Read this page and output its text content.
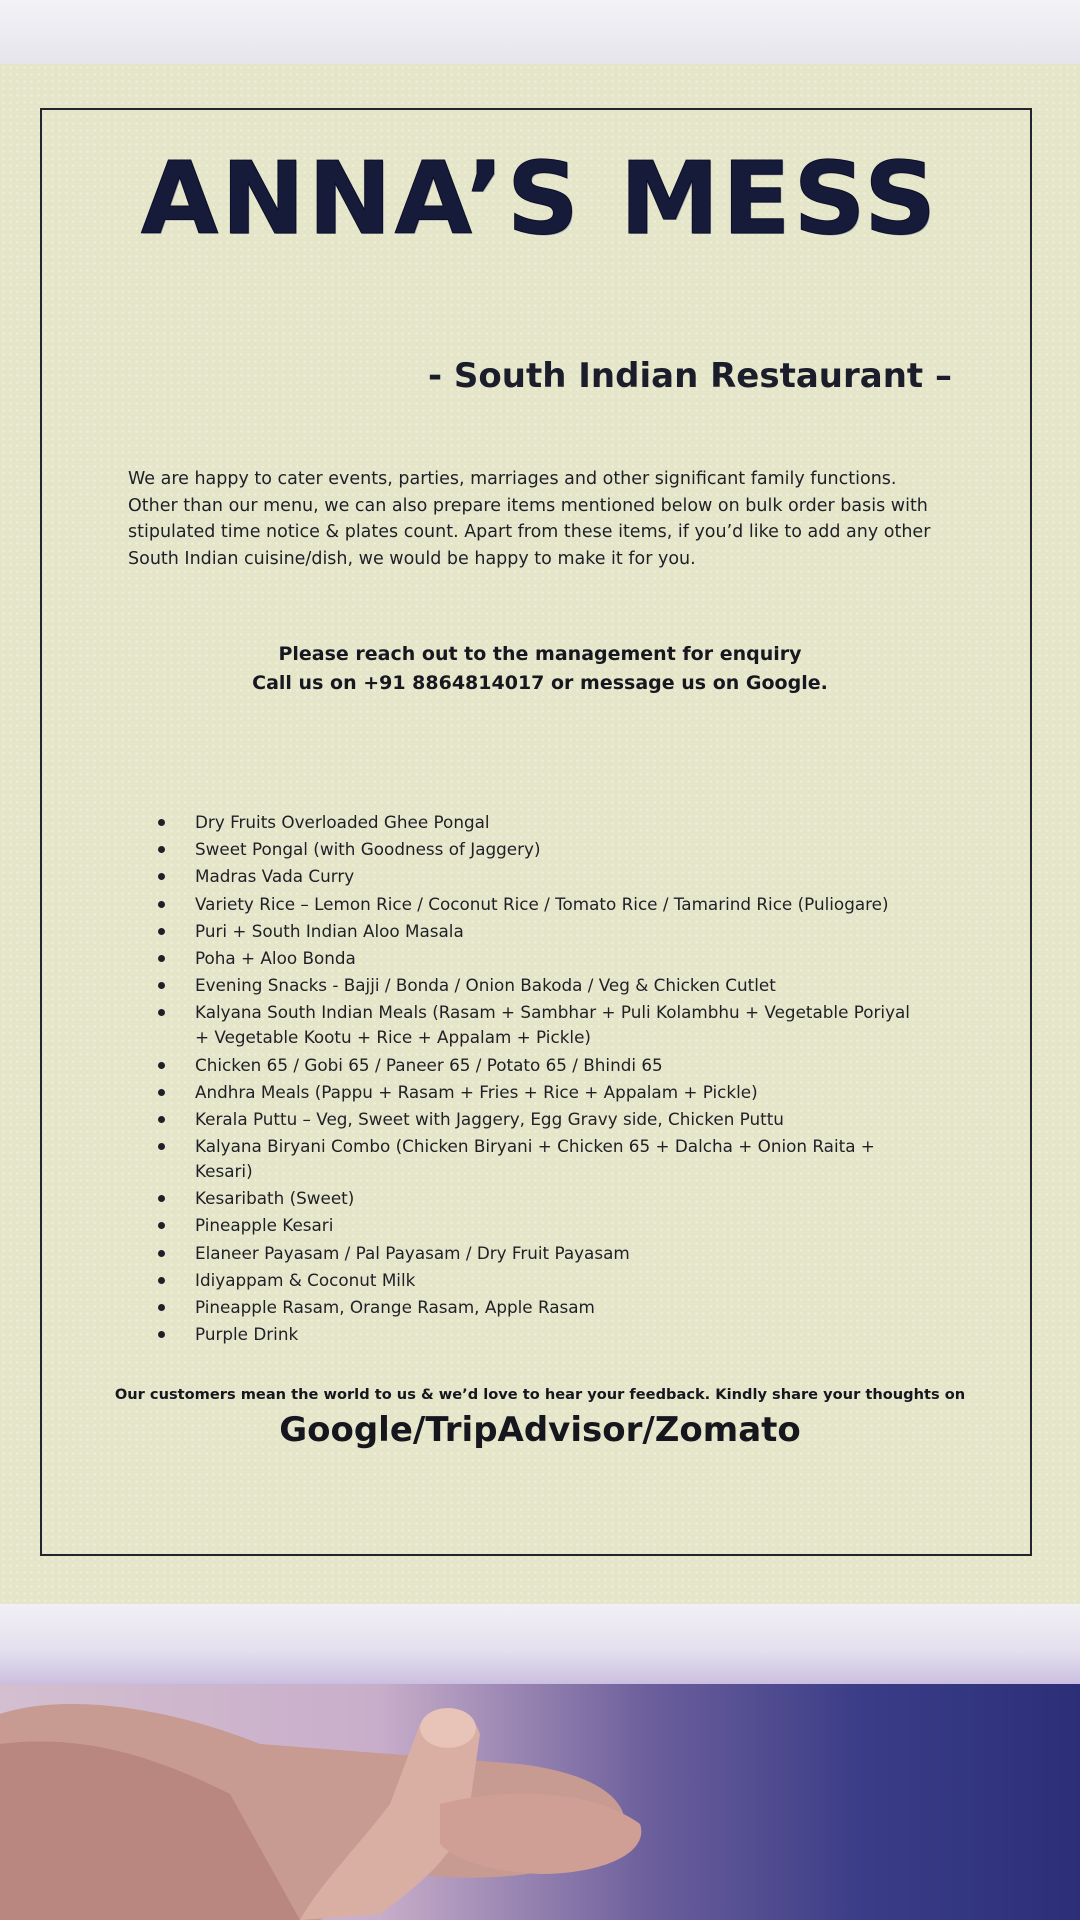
ANNA’S MESS
- South Indian Restaurant –
We are happy to cater events, parties, marriages and other significant family functions. Other than our menu, we can also prepare items mentioned below on bulk order basis with stipulated time notice & plates count. Apart from these items, if you’d like to add any other South Indian cuisine/dish, we would be happy to make it for you.
Please reach out to the management for enquiry
Call us on +91 8864814017 or message us on Google.
Dry Fruits Overloaded Ghee Pongal
Sweet Pongal (with Goodness of Jaggery)
Madras Vada Curry
Variety Rice – Lemon Rice / Coconut Rice / Tomato Rice / Tamarind Rice (Puliogare)
Puri + South Indian Aloo Masala
Poha + Aloo Bonda
Evening Snacks - Bajji / Bonda / Onion Bakoda / Veg & Chicken Cutlet
Kalyana South Indian Meals (Rasam + Sambhar + Puli Kolambhu + Vegetable Poriyal + Vegetable Kootu + Rice + Appalam + Pickle)
Chicken 65 / Gobi 65 / Paneer 65 / Potato 65 / Bhindi 65
Andhra Meals (Pappu + Rasam + Fries + Rice + Appalam + Pickle)
Kerala Puttu – Veg, Sweet with Jaggery, Egg Gravy side, Chicken Puttu
Kalyana Biryani Combo (Chicken Biryani + Chicken 65 + Dalcha + Onion Raita + Kesari)
Kesaribath (Sweet)
Pineapple Kesari
Elaneer Payasam / Pal Payasam / Dry Fruit Payasam
Idiyappam & Coconut Milk
Pineapple Rasam, Orange Rasam, Apple Rasam
Purple Drink
Our customers mean the world to us & we’d love to hear your feedback. Kindly share your thoughts on
Google/TripAdvisor/Zomato
